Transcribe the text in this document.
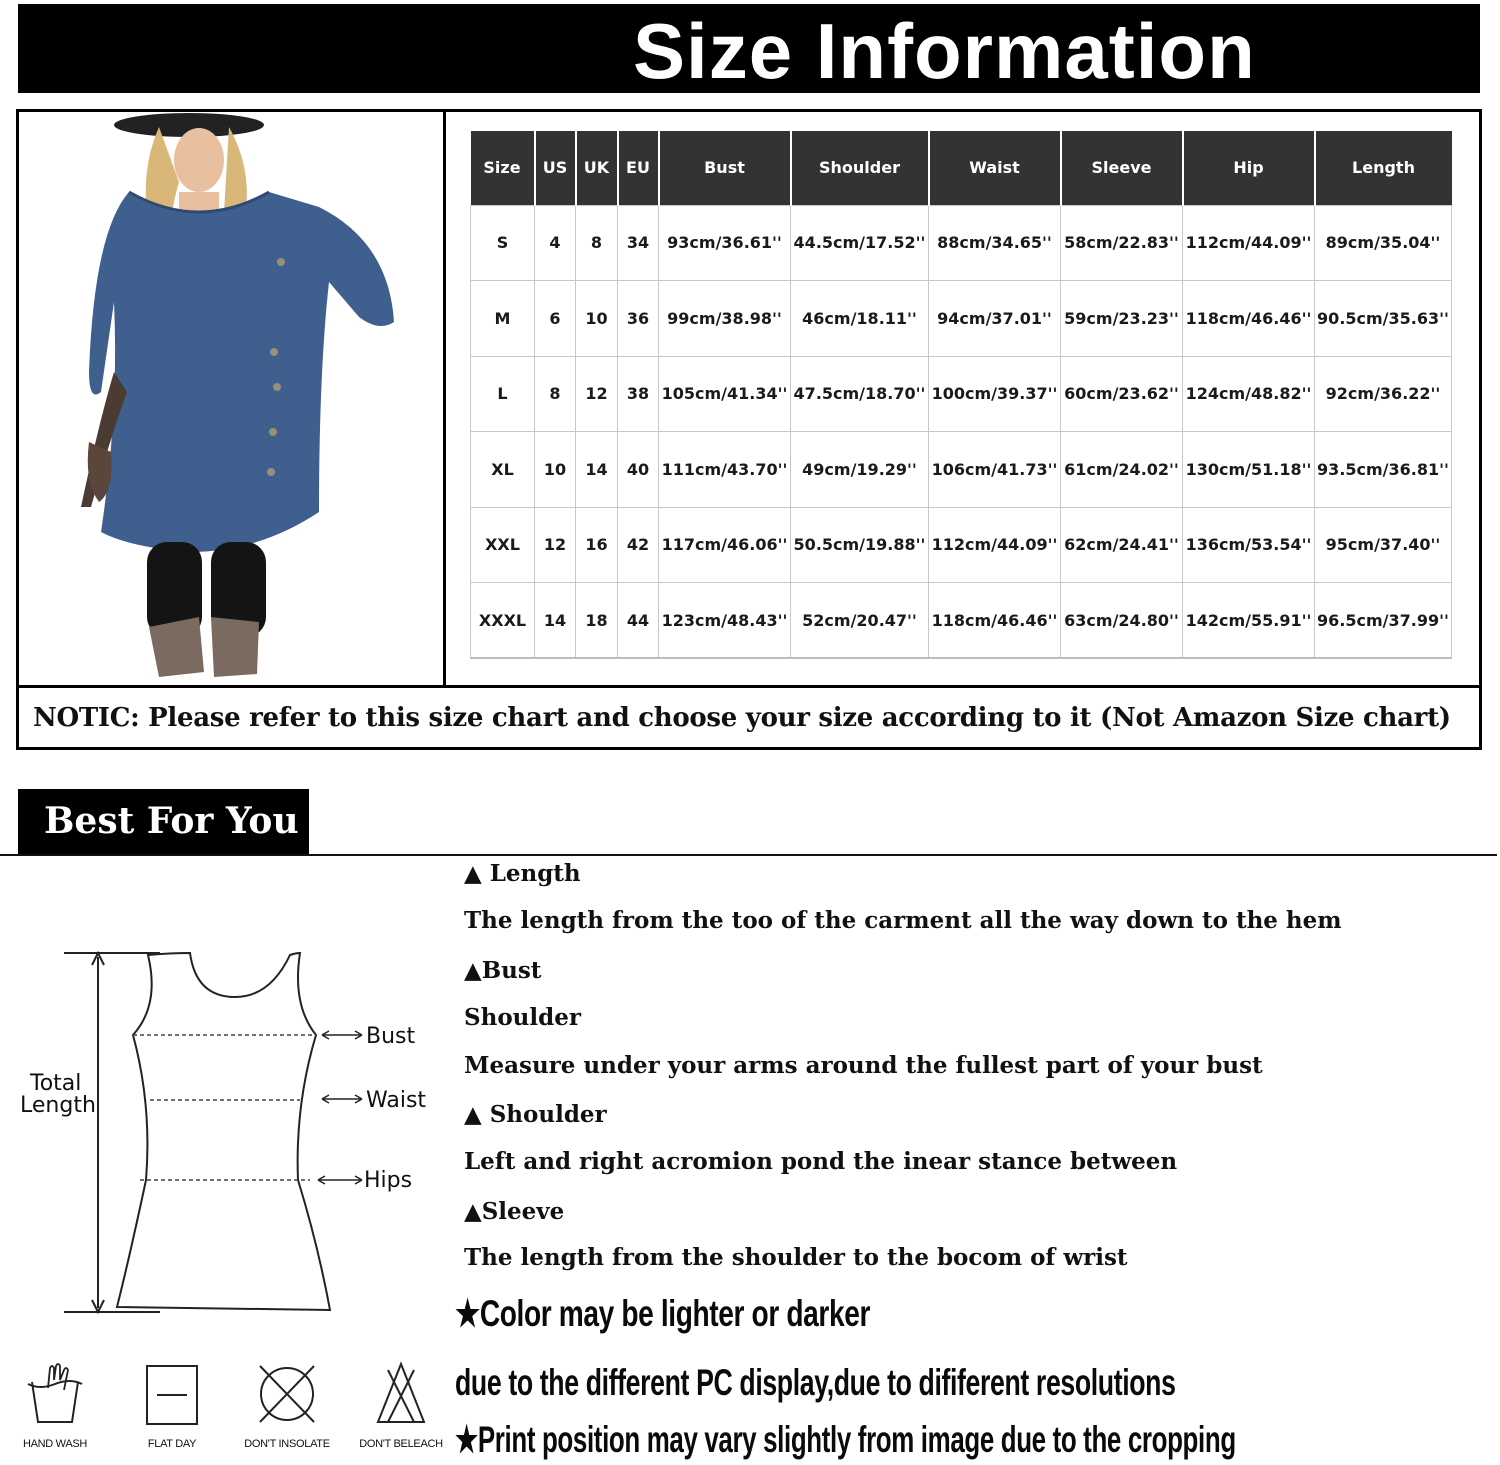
Size Information
Size	US	UK	EU	Bust	Shoulder	Waist	Sleeve	Hip	Length
S	4	8	34	93cm/36.61''	44.5cm/17.52''	88cm/34.65''	58cm/22.83''	112cm/44.09''	89cm/35.04''
M	6	10	36	99cm/38.98''	46cm/18.11''	94cm/37.01''	59cm/23.23''	118cm/46.46''	90.5cm/35.63''
L	8	12	38	105cm/41.34''	47.5cm/18.70''	100cm/39.37''	60cm/23.62''	124cm/48.82''	92cm/36.22''
XL	10	14	40	111cm/43.70''	49cm/19.29''	106cm/41.73''	61cm/24.02''	130cm/51.18''	93.5cm/36.81''
XXL	12	16	42	117cm/46.06''	50.5cm/19.88''	112cm/44.09''	62cm/24.41''	136cm/53.54''	95cm/37.40''
XXXL	14	18	44	123cm/48.43''	52cm/20.47''	118cm/46.46''	63cm/24.80''	142cm/55.91''	96.5cm/37.99''

NOTIC: Please refer to this size chart and choose your size according to it (Not Amazon Size chart)

Best For You
Total
Length
Bust
Waist
Hips
▲ Length
The length from the too of the carment all the way down to the hem
▲Bust
Shoulder
Measure under your arms around the fullest part of your bust
▲ Shoulder
Left and right acromion pond the inear stance between
▲Sleeve
The length from the shoulder to the bocom of wrist
★Color may be lighter or darker
due to the different PC display,due to dififerent resolutions
★Print position may vary slightly from image due to the cropping
HAND WASH	FLAT DAY	DON'T INSOLATE	DON'T BELEACH
